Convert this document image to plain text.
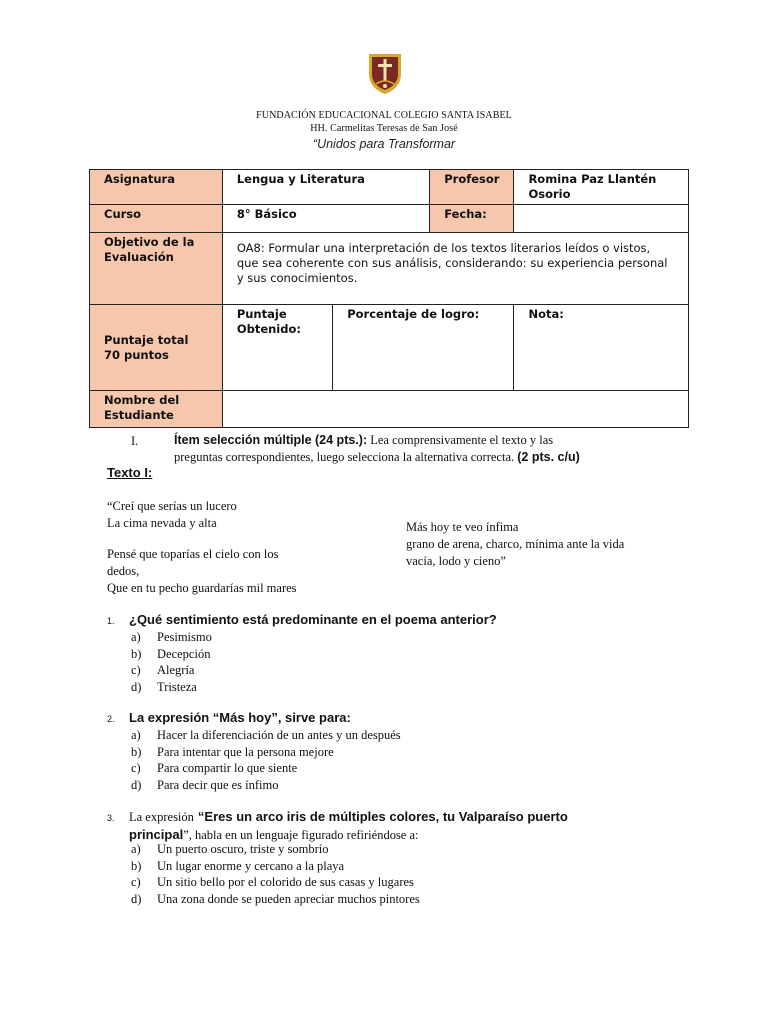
FUNDACIÓN EDUCACIONAL COLEGIO SANTA ISABEL
HH. Carmelitas Teresas de San José
“Unidos para Transformar
Asignatura	Lengua y Literatura		Profesor	Romina Paz Llantén Osorio
Curso	8° Básico		Fecha:	
Objetivo de la Evaluación	OA8: Formular una interpretación de los textos literarios leídos o vistos, que sea coherente con sus análisis, considerando: su experiencia personal y sus conocimientos.			
Puntaje total 70 puntos	Puntaje Obtenido:	Porcentaje de logro:		Nota:
Nombre del Estudiante				
I.	Ítem selección múltiple (24 pts.): Lea comprensivamente el texto y las
preguntas correspondientes, luego selecciona la alternativa correcta. (2 pts. c/u)
Texto I:
“Creí que serías un lucero
La cima nevada y alta
Pensé que toparías el cielo con los
dedos,
Que en tu pecho guardarías mil mares
Más hoy te veo ínfima
grano de arena, charco, mínima ante la vida
vacía, lodo y cieno”
1. ¿Qué sentimiento está predominante en el poema anterior?
a) Pesimismo
b) Decepción
c) Alegría
d) Tristeza
2. La expresión “Más hoy”, sirve para:
a) Hacer la diferenciación de un antes y un después
b) Para intentar que la persona mejore
c) Para compartir lo que siente
d) Para decir que es ínfimo
3. La expresión “Eres un arco iris de múltiples colores, tu Valparaíso puerto
principal”, habla en un lenguaje figurado refiriéndose a:
a) Un puerto oscuro, triste y sombrío
b) Un lugar enorme y cercano a la playa
c) Un sitio bello por el colorido de sus casas y lugares
d) Una zona donde se pueden apreciar muchos pintores
